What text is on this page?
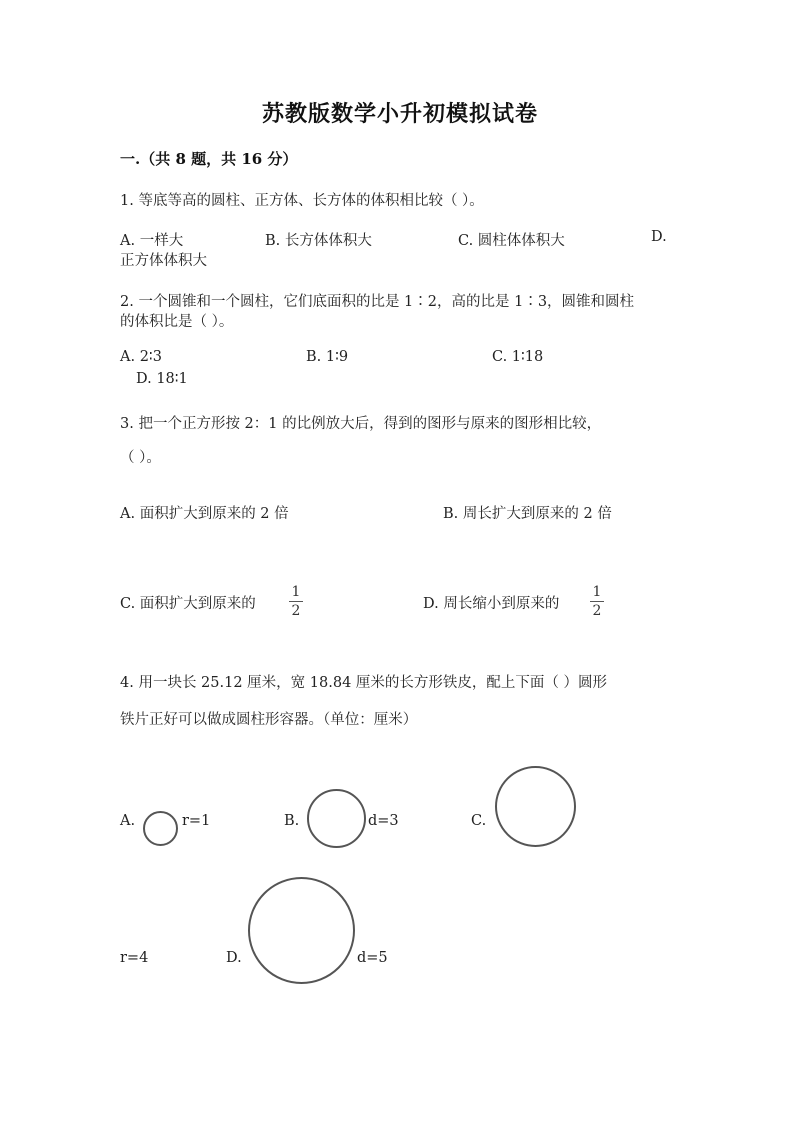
苏教版数学小升初模拟试卷
一.（共 8 题，共 16 分）
1. 等底等高的圆柱、正方体、长方体的体积相比较（ ）。
A. 一样大	B. 长方体体积大	C. 圆柱体体积大	D.
正方体体积大
2. 一个圆锥和一个圆柱，它们底面积的比是 1∶2，高的比是 1∶3，圆锥和圆柱
的体积比是（ ）。
A. 2∶3	B. 1∶9	C. 1∶18
D. 18∶1
3. 把一个正方形按 2：1 的比例放大后，得到的图形与原来的图形相比较，
（ ）。
A. 面积扩大到原来的 2 倍	B. 周长扩大到原来的 2 倍
C. 面积扩大到原来的
1
2	D. 周长缩小到原来的
1
2
4. 用一块长 25.12 厘米，宽 18.84 厘米的长方形铁皮，配上下面（ ）圆形
铁片正好可以做成圆柱形容器。（单位：厘米）
A.	r=1	B.	d=3	C.
r=4	D.	d=5
